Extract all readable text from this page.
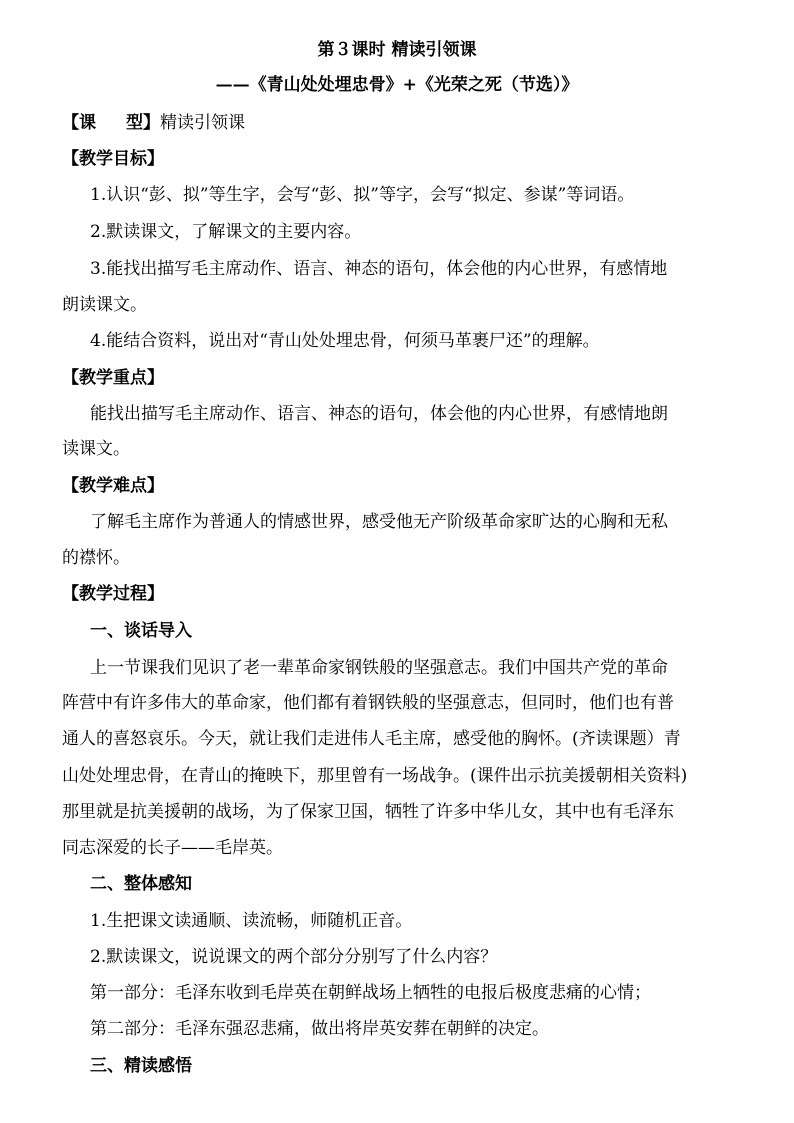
第３课时 精读引领课
——《青山处处埋忠骨》+《光荣之死（节选）》
【课 型】精读引领课
【教学目标】
1.认识“彭、拟”等生字，会写“彭、拟”等字，会写“拟定、参谋”等词语。
2.默读课文，了解课文的主要内容。
3.能找出描写毛主席动作、语言、神态的语句，体会他的内心世界，有感情地
朗读课文。
4.能结合资料，说出对“青山处处埋忠骨，何须马革裹尸还”的理解。
【教学重点】
能找出描写毛主席动作、语言、神态的语句，体会他的内心世界，有感情地朗
读课文。
【教学难点】
了解毛主席作为普通人的情感世界，感受他无产阶级革命家旷达的心胸和无私
的襟怀。
【教学过程】
一、谈话导入
上一节课我们见识了老一辈革命家钢铁般的坚强意志。我们中国共产党的革命
阵营中有许多伟大的革命家，他们都有着钢铁般的坚强意志，但同时，他们也有普
通人的喜怒哀乐。今天，就让我们走进伟人毛主席，感受他的胸怀。(齐读课题）青
山处处埋忠骨，在青山的掩映下，那里曾有一场战争。(课件出示抗美援朝相关资料)
那里就是抗美援朝的战场，为了保家卫国，牺牲了许多中华儿女，其中也有毛泽东
同志深爱的长子——毛岸英。
二、整体感知
1.生把课文读通顺、读流畅，师随机正音。
2.默读课文，说说课文的两个部分分别写了什么内容？
第一部分：毛泽东收到毛岸英在朝鲜战场上牺牲的电报后极度悲痛的心情；
第二部分：毛泽东强忍悲痛，做出将岸英安葬在朝鲜的决定。
三、精读感悟
